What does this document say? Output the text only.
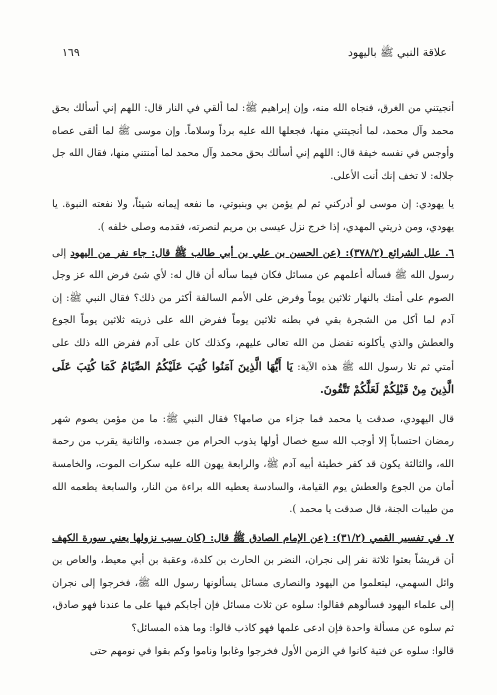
١٦٩	علاقة النبي ﷺ باليهود

أنجيتني من الغرق، فنجاه الله منه، وإن إبراهيم ﷺ: لما ألقي في النار قال: اللهم إني أسألك بحق محمد وآل محمد، لما أنجيتني منها، فجعلها الله عليه برداً وسلاماً. وإن موسى ﷺ لما ألقى عصاه وأوجس في نفسه خيفة قال: اللهم إني أسألك بحق محمد وآل محمد لما أمنتني منها، فقال الله جل جلاله: لا تخف إنك أنت الأعلى.

يا يهودي: إن موسى لو أدركني ثم لم يؤمن بي وبنبوتي، ما نفعه إيمانه شيئاً، ولا نفعته النبوة. يا يهودي، ومن ذريتي المهدي، إذا خرج نزل عيسى بن مريم لنصرته، فقدمه وصلى خلفه ).

٦. علل الشرائع (٣٧٨/٢): (عن الحسن بن علي بن أبي طالب ﷺ قال: جاء نفر من اليهود إلى رسول الله ﷺ فسأله أعلمهم عن مسائل فكان فيما سأله أن قال له: لأي شئ فرض الله عز وجل الصوم على أمتك بالنهار ثلاثين يوماً وفرض على الأمم السالفة أكثر من ذلك؟ فقال النبي ﷺ: إن آدم لما أكل من الشجرة بقي في بطنه ثلاثين يوماً ففرض الله على ذريته ثلاثين يوماً الجوع والعطش والذي يأكلونه تفضل من الله تعالى عليهم، وكذلك كان على آدم ففرض الله ذلك على أمتي ثم تلا رسول الله ﷺ هذه الآية: يَا أَيُّهَا الَّذِينَ آمَنُوا كُتِبَ عَلَيْكُمُ الصِّيَامُ كَمَا كُتِبَ عَلَى الَّذِينَ مِنْ قَبْلِكُمْ لَعَلَّكُمْ تَتَّقُونَ.

قال اليهودي، صدقت يا محمد فما جزاء من صامها؟ فقال النبي ﷺ: ما من مؤمن يصوم شهر رمضان احتساباً إلا أوجب الله سبع خصال أولها يذوب الحرام من جسده، والثانية يقرب من رحمة الله، والثالثة يكون قد كفر خطيئة أبيه آدم ﷺ، والرابعة يهون الله عليه سكرات الموت، والخامسة أمان من الجوع والعطش يوم القيامة، والسادسة يعطيه الله براءة من النار، والسابعة يطعمه الله من طيبات الجنة، قال صدقت يا محمد ).

٧. في تفسير القمي (٣١/٢): (عن الإمام الصادق ﷺ قال: (كان سبب نزولها يعني سورة الكهف أن قريشاً بعثوا ثلاثة نفر إلى نجران، النضر بن الحارث بن كلدة، وعقبة بن أبي معيط، والعاص بن وائل السهمي، ليتعلموا من اليهود والنصارى مسائل يسألونها رسول الله ﷺ، فخرجوا إلى نجران إلى علماء اليهود فسألوهم فقالوا: سلوه عن ثلاث مسائل فإن أجابكم فيها على ما عندنا فهو صادق، ثم سلوه عن مسألة واحدة فإن ادعى علمها فهو كاذب قالوا: وما هذه المسائل؟

قالوا: سلوه عن فتية كانوا في الزمن الأول فخرجوا وغابوا وناموا وكم بقوا في نومهم حتى
